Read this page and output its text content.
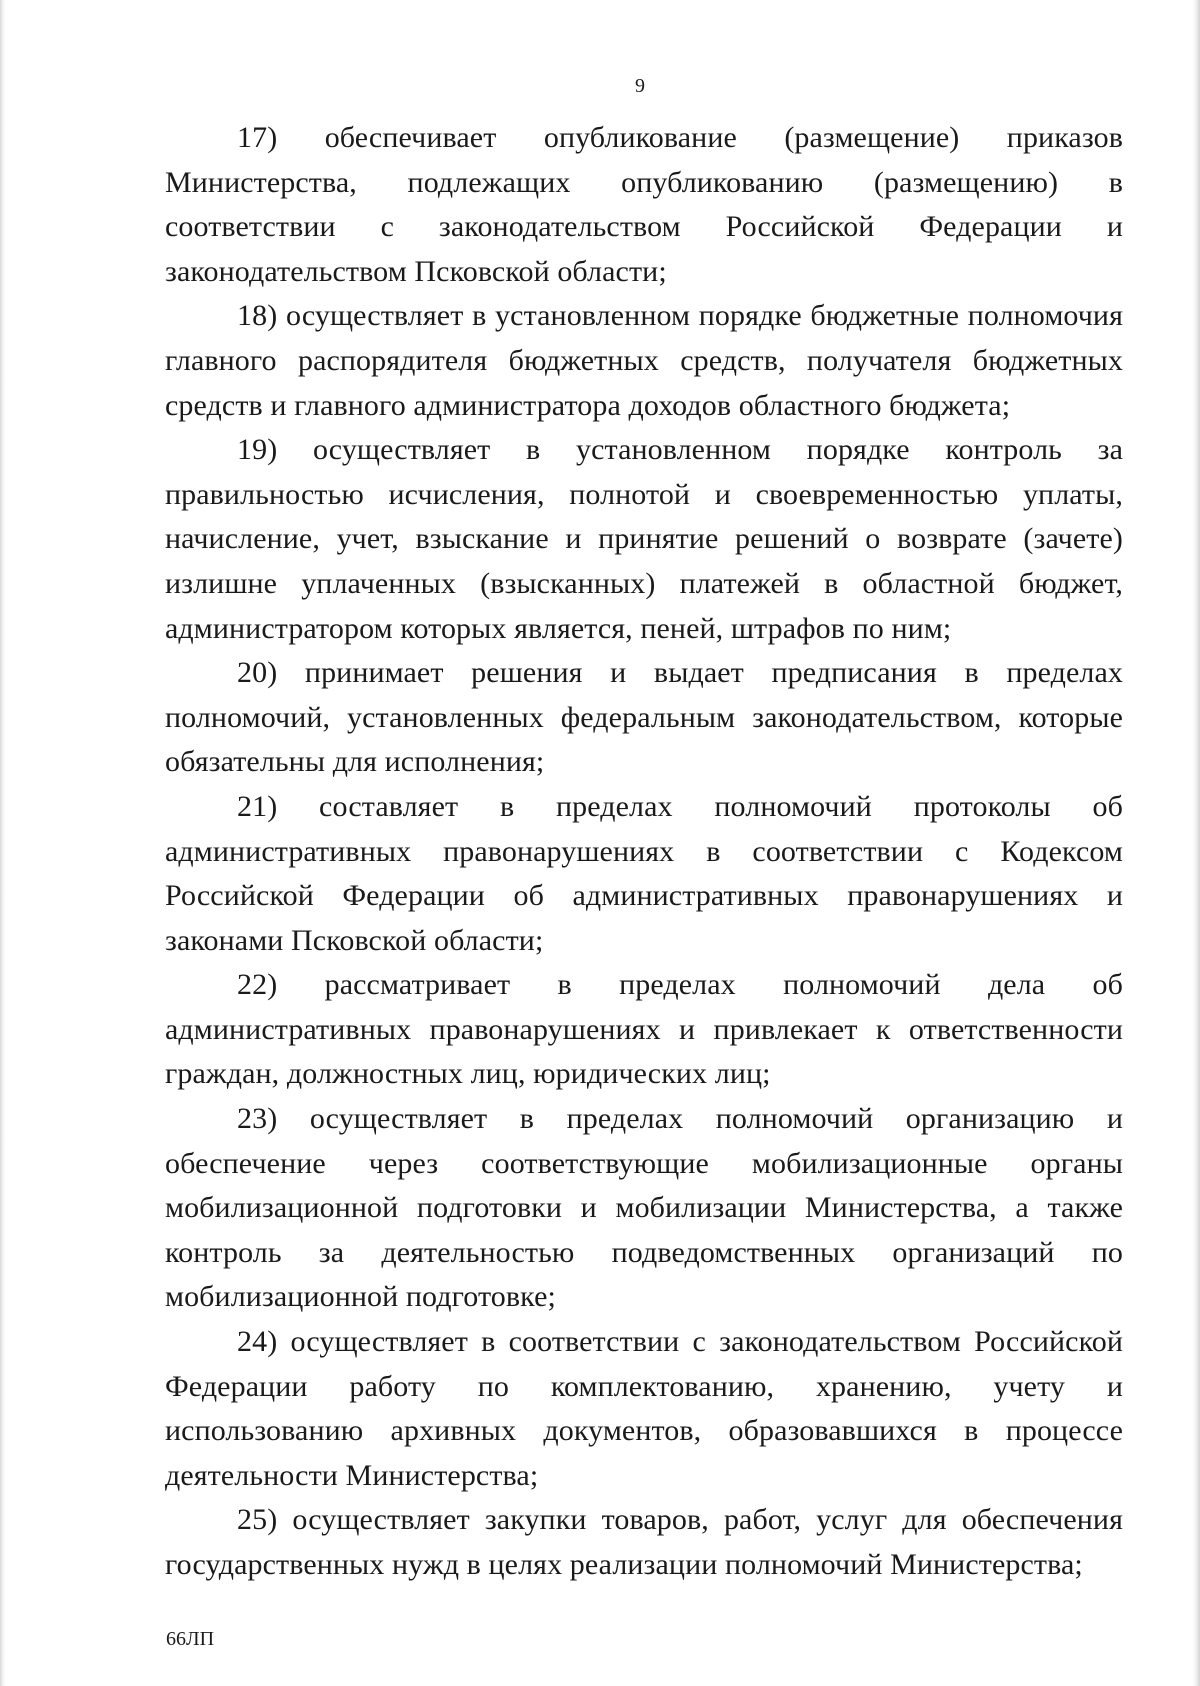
9

17) обеспечивает опубликование (размещение) приказов Министерства, подлежащих опубликованию (размещению) в соответствии с законодательством Российской Федерации и законодательством Псковской области;

18) осуществляет в установленном порядке бюджетные полномочия главного распорядителя бюджетных средств, получателя бюджетных средств и главного администратора доходов областного бюджета;

19) осуществляет в установленном порядке контроль за правильностью исчисления, полнотой и своевременностью уплаты, начисление, учет, взыскание и принятие решений о возврате (зачете) излишне уплаченных (взысканных) платежей в областной бюджет, администратором которых является, пеней, штрафов по ним;

20) принимает решения и выдает предписания в пределах полномочий, установленных федеральным законодательством, которые обязательны для исполнения;

21) составляет в пределах полномочий протоколы об административных правонарушениях в соответствии с Кодексом Российской Федерации об административных правонарушениях и законами Псковской области;

22) рассматривает в пределах полномочий дела об административных правонарушениях и привлекает к ответственности граждан, должностных лиц, юридических лиц;

23) осуществляет в пределах полномочий организацию и обеспечение через соответствующие мобилизационные органы мобилизационной подготовки и мобилизации Министерства, а также контроль за деятельностью подведомственных организаций по мобилизационной подготовке;

24) осуществляет в соответствии с законодательством Российской Федерации работу по комплектованию, хранению, учету и использованию архивных документов, образовавшихся в процессе деятельности Министерства;

25) осуществляет закупки товаров, работ, услуг для обеспечения государственных нужд в целях реализации полномочий Министерства;

66ЛП
